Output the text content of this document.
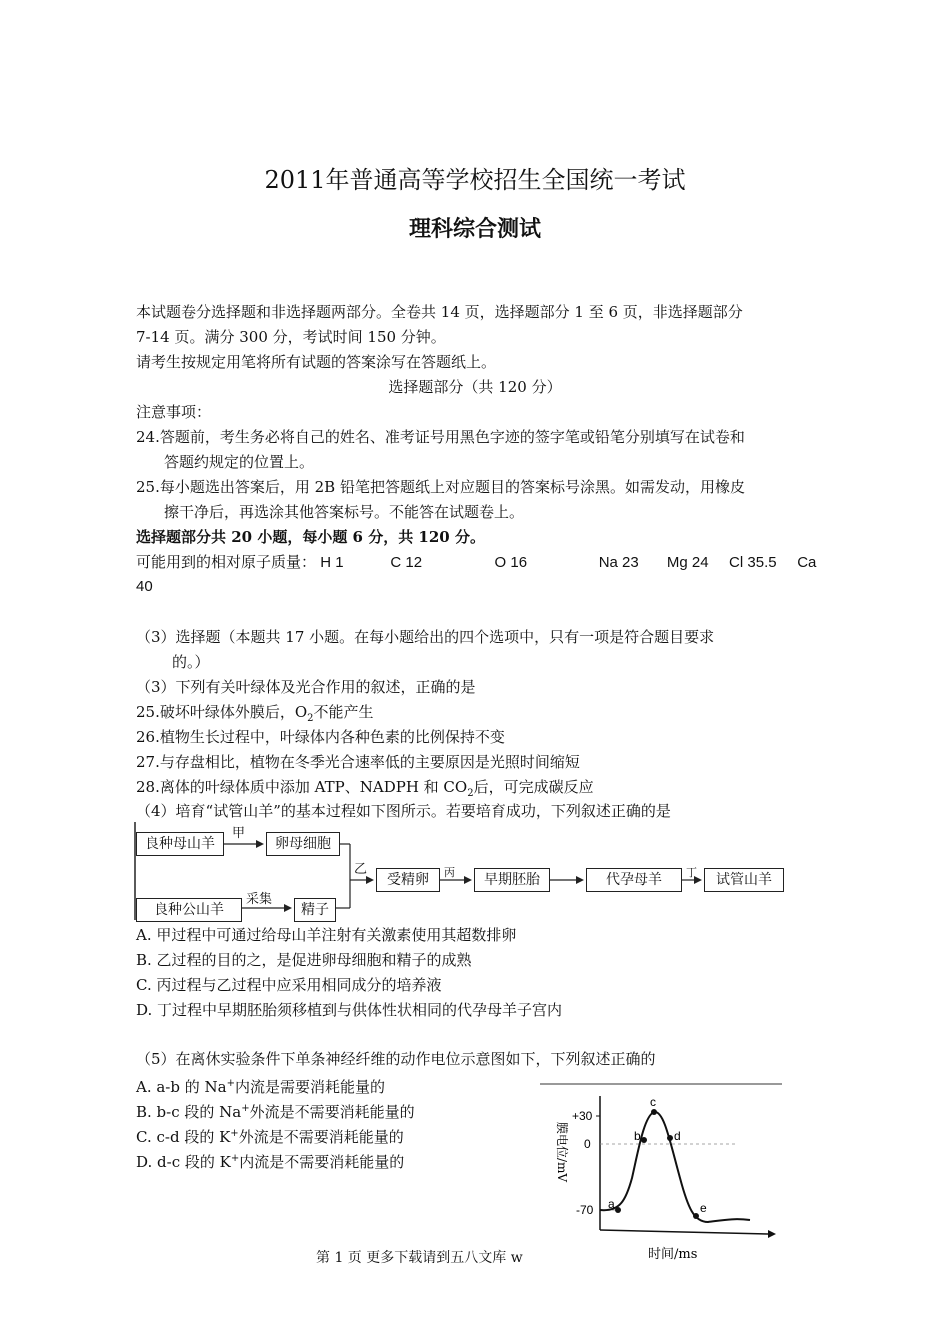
2011年普通高等学校招生全国统一考试
理科综合测试
本试题卷分选择题和非选择题两部分。全卷共 14 页，选择题部分 1 至 6 页，非选择题部分
7-14 页。满分 300 分，考试时间 150 分钟。
请考生按规定用笔将所有试题的答案涂写在答题纸上。
选择题部分（共 120 分）
注意事项：
24.答题前，考生务必将自己的姓名、准考证号用黑色字迹的签字笔或铅笔分别填写在试卷和
答题约规定的位置上。
25.每小题选出答案后，用 2B 铅笔把答题纸上对应题目的答案标号涂黑。如需发动，用橡皮
擦干净后，再选涂其他答案标号。不能答在试题卷上。
选择题部分共 20 小题，每小题 6 分，共 120 分。
可能用到的相对原子质量： H 1	C 12	O 16	Na 23 Mg 24 Cl 35.5 Ca
40
（3）选择题（本题共 17 小题。在每小题给出的四个选项中，只有一项是符合题目要求
的。）
（3）下列有关叶绿体及光合作用的叙述，正确的是
25.破坏叶绿体外膜后，$O_2$不能产生
26.植物生长过程中，叶绿体内各种色素的比例保持不变
27.与存盘相比，植物在冬季光合速率低的主要原因是光照时间缩短
28.离体的叶绿体质中添加 ATP、NADPH 和 $CO_2$后，可完成碳反应
（4）培育“试管山羊”的基本过程如下图所示。若要培育成功，下列叙述正确的是
良种母山羊	卵母细胞
良种公山羊	精子
受精卵	早期胚胎	代孕母羊	试管山羊
甲
采集
乙	丙	丁
A. 甲过程中可通过给母山羊注射有关激素使用其超数排卵
B. 乙过程的目的之，是促进卵母细胞和精子的成熟
C. 丙过程与乙过程中应采用相同成分的培养液
D. 丁过程中早期胚胎须移植到与供体性状相同的代孕母羊子宫内
（5）在离休实验条件下单条神经纤维的动作电位示意图如下，下列叙述正确的
A. a-b 的 Na+内流是需要消耗能量的
B. b-c 段的 Na+外流是不需要消耗能量的
C. c-d 段的 K+外流是不需要消耗能量的
D. d-c 段的 K+内流是不需要消耗能量的
+30
0
-70
膜电位/mV
时间/ms
a
b
c
d
e
第 1 页 更多下载请到五八文库 w
